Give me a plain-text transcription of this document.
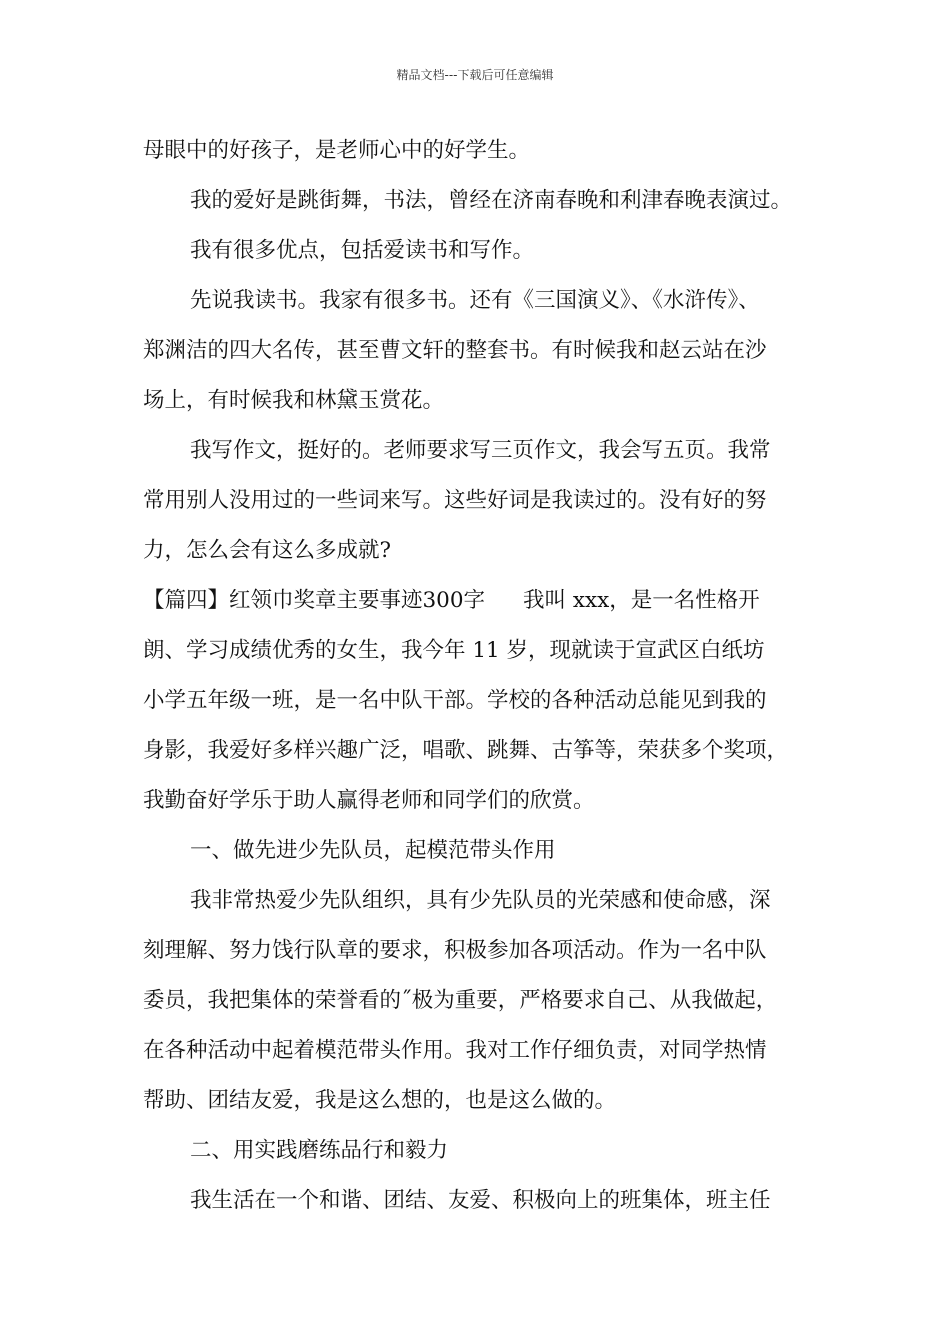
精品文档---下载后可任意编辑
母眼中的好孩子，是老师心中的好学生。
我的爱好是跳街舞，书法，曾经在济南春晚和利津春晚表演过。
我有很多优点，包括爱读书和写作。
先说我读书。我家有很多书。还有《三国演义》、《水浒传》、
郑渊洁的四大名传，甚至曹文轩的整套书。有时候我和赵云站在沙
场上，有时候我和林黛玉赏花。
我写作文，挺好的。老师要求写三页作文，我会写五页。我常
常用别人没用过的一些词来写。这些好词是我读过的。没有好的努
力，怎么会有这么多成就?
【篇四】红领巾奖章主要事迹300字 我叫 xxx，是一名性格开
朗、学习成绩优秀的女生，我今年 11 岁，现就读于宣武区白纸坊
小学五年级一班，是一名中队干部。学校的各种活动总能见到我的
身影，我爱好多样兴趣广泛，唱歌、跳舞、古筝等，荣获多个奖项，
我勤奋好学乐于助人赢得老师和同学们的欣赏。
一、做先进少先队员，起模范带头作用
我非常热爱少先队组织，具有少先队员的光荣感和使命感，深
刻理解、努力饯行队章的要求，积极参加各项活动。作为一名中队
委员，我把集体的荣誉看的˝极为重要，严格要求自己、从我做起，
在各种活动中起着模范带头作用。我对工作仔细负责，对同学热情
帮助、团结友爱，我是这么想的，也是这么做的。
二、用实践磨练品行和毅力
我生活在一个和谐、团结、友爱、积极向上的班集体，班主任
